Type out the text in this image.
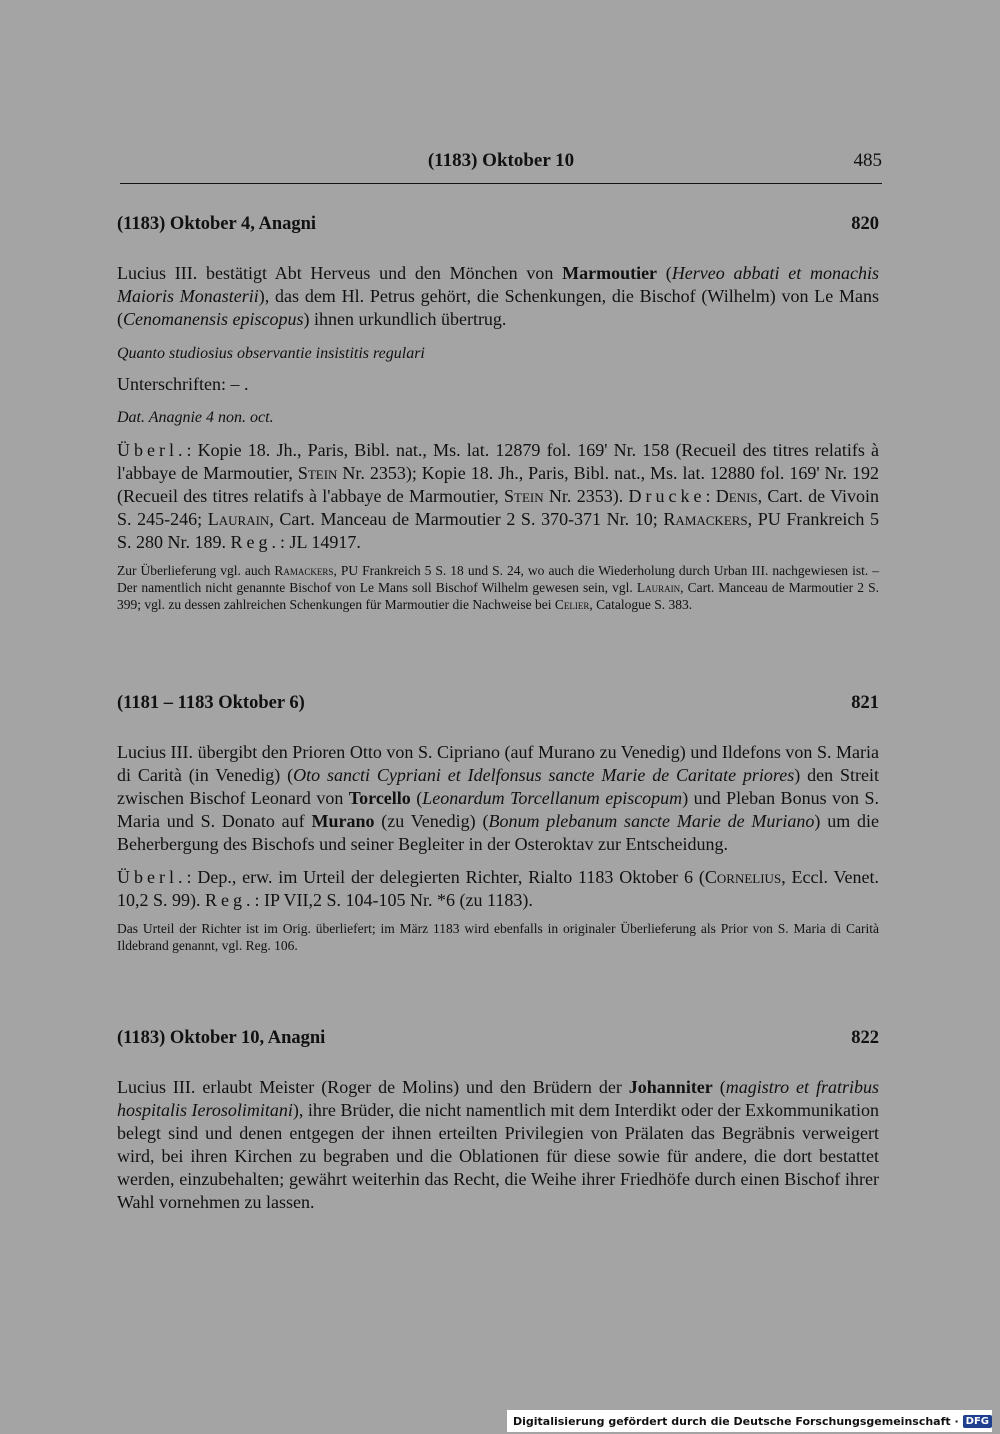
(1183) Oktober 10	485
(1183) Oktober 4, Anagni	820

Lucius III. bestätigt Abt Herveus und den Mönchen von Marmoutier (Herveo abbati et monachis Maioris Monasterii), das dem Hl. Petrus gehört, die Schenkungen, die Bischof (Wilhelm) von Le Mans (Cenomanensis episcopus) ihnen urkundlich übertrug.

Quanto studiosius observantie insistitis regulari

Unterschriften: – .

Dat. Anagnie 4 non. oct.

Überl.: Kopie 18. Jh., Paris, Bibl. nat., Ms. lat. 12879 fol. 169' Nr. 158 (Recueil des titres relatifs à l'abbaye de Marmoutier, Stein Nr. 2353); Kopie 18. Jh., Paris, Bibl. nat., Ms. lat. 12880 fol. 169' Nr. 192 (Recueil des titres relatifs à l'abbaye de Marmoutier, Stein Nr. 2353). Drucke: Denis, Cart. de Vivoin S. 245-246; Laurain, Cart. Manceau de Marmoutier 2 S. 370-371 Nr. 10; Ramackers, PU Frankreich 5 S. 280 Nr. 189. Reg.: JL 14917.

Zur Überlieferung vgl. auch Ramackers, PU Frankreich 5 S. 18 und S. 24, wo auch die Wiederholung durch Urban III. nachgewiesen ist. – Der namentlich nicht genannte Bischof von Le Mans soll Bischof Wilhelm gewesen sein, vgl. Laurain, Cart. Manceau de Marmoutier 2 S. 399; vgl. zu dessen zahlreichen Schenkungen für Marmoutier die Nachweise bei Celier, Catalogue S. 383.

(1181 – 1183 Oktober 6)	821

Lucius III. übergibt den Prioren Otto von S. Cipriano (auf Murano zu Venedig) und Ildefons von S. Maria di Carità (in Venedig) (Oto sancti Cypriani et Idelfonsus sancte Marie de Caritate priores) den Streit zwischen Bischof Leonard von Torcello (Leonardum Torcellanum episcopum) und Pleban Bonus von S. Maria und S. Donato auf Murano (zu Venedig) (Bonum plebanum sancte Marie de Muriano) um die Beherbergung des Bischofs und seiner Begleiter in der Osteroktav zur Entscheidung.

Überl.: Dep., erw. im Urteil der delegierten Richter, Rialto 1183 Oktober 6 (Cornelius, Eccl. Venet. 10,2 S. 99). Reg.: IP VII,2 S. 104-105 Nr. *6 (zu 1183).

Das Urteil der Richter ist im Orig. überliefert; im März 1183 wird ebenfalls in originaler Überlieferung als Prior von S. Maria di Carità Ildebrand genannt, vgl. Reg. 106.

(1183) Oktober 10, Anagni	822

Lucius III. erlaubt Meister (Roger de Molins) und den Brüdern der Johanniter (magistro et fratribus hospitalis Ierosolimitani), ihre Brüder, die nicht namentlich mit dem Interdikt oder der Exkommunikation belegt sind und denen entgegen der ihnen erteilten Privilegien von Prälaten das Begräbnis verweigert wird, bei ihren Kirchen zu begraben und die Oblationen für diese sowie für andere, die dort bestattet werden, einzubehalten; gewährt weiterhin das Recht, die Weihe ihrer Friedhöfe durch einen Bischof ihrer Wahl vornehmen zu lassen.

Digitalisierung gefördert durch die Deutsche Forschungsgemeinschaft · DFG
